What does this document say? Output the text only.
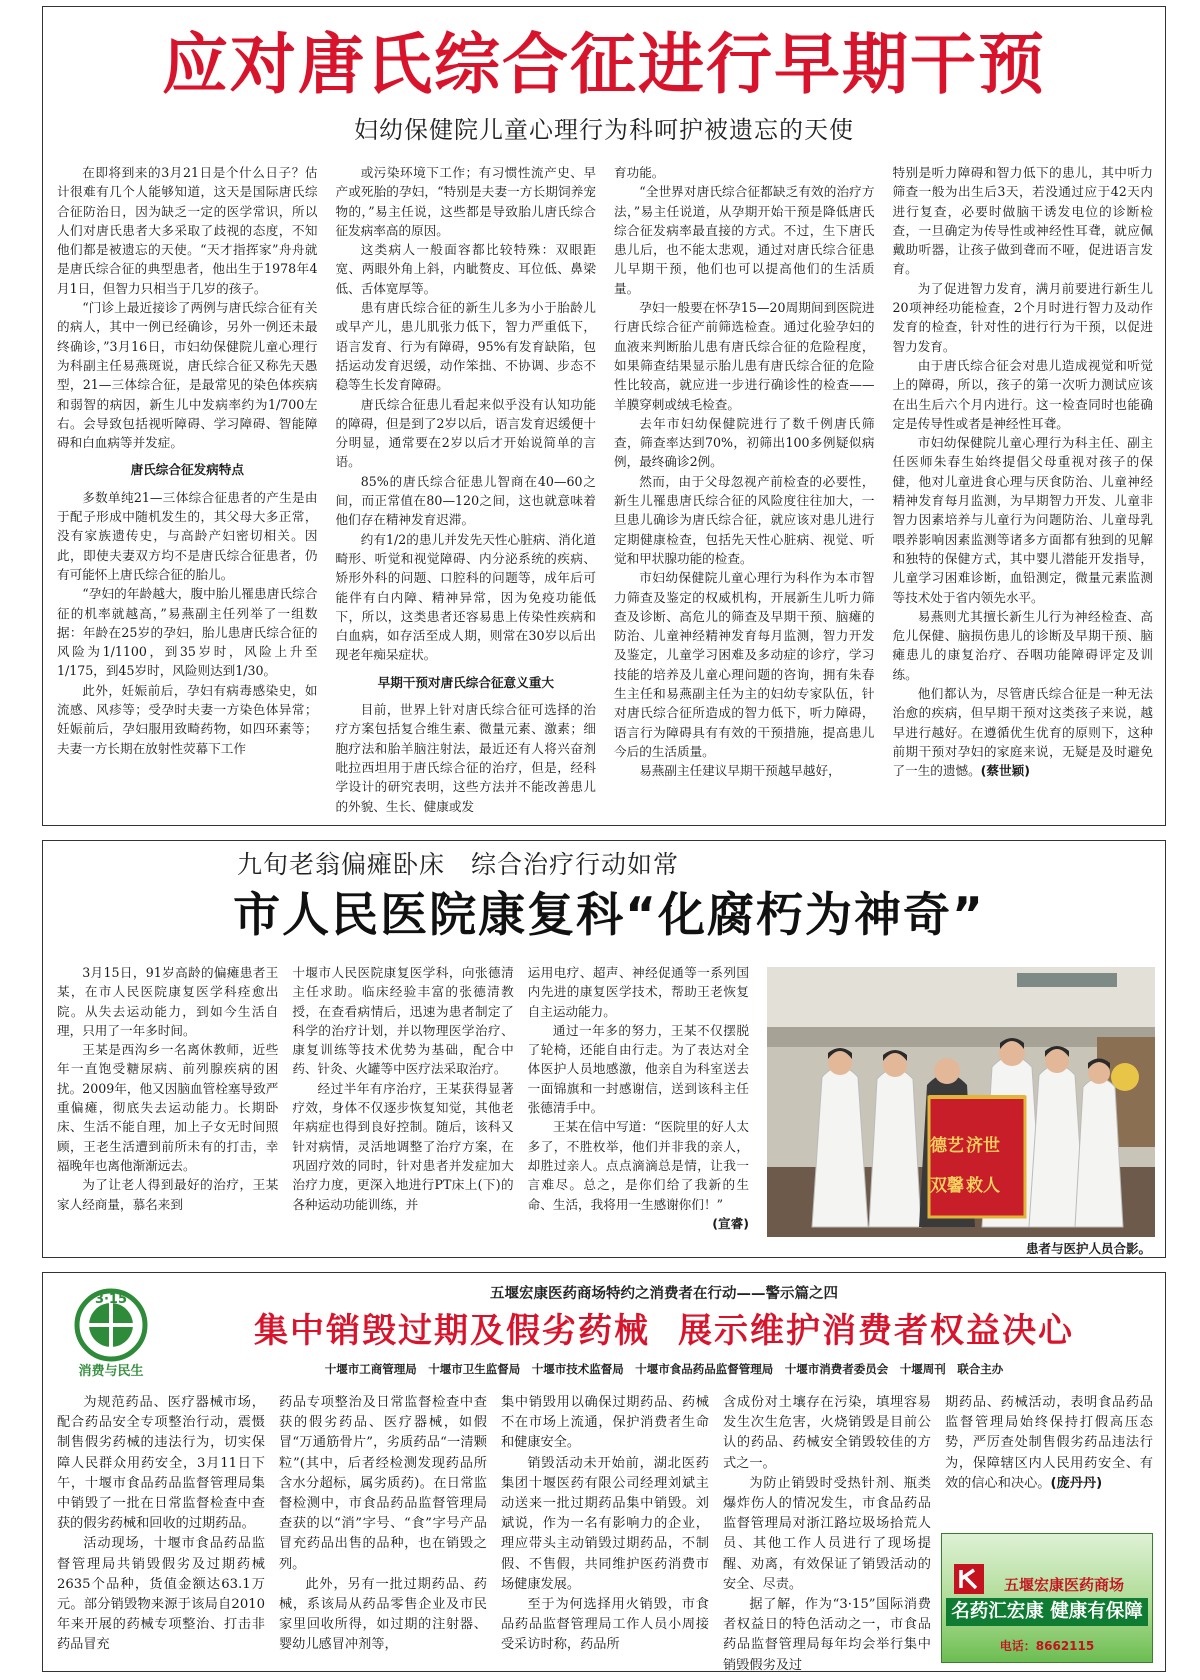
应对唐氏综合征进行早期干预
妇幼保健院儿童心理行为科呵护被遗忘的天使

在即将到来的3月21日是个什么日子？估计很难有几个人能够知道，这天是国际唐氏综合征防治日，因为缺乏一定的医学常识，所以人们对唐氏患者大多采取了歧视的态度，不知他们都是被遗忘的天使。“天才指挥家”舟舟就是唐氏综合征的典型患者，他出生于1978年4月1日，但智力只相当于几岁的孩子。

“门诊上最近接诊了两例与唐氏综合征有关的病人，其中一例已经确诊，另外一例还未最终确诊，”3月16日，市妇幼保健院儿童心理行为科副主任易燕斑说，唐氏综合征又称先天愚型，21—三体综合征，是最常见的染色体疾病和弱智的病因，新生儿中发病率约为1/700左右。会导致包括视听障碍、学习障碍、智能障碍和白血病等并发症。

唐氏综合征发病特点

多数单纯21—三体综合征患者的产生是由于配子形成中随机发生的，其父母大多正常，没有家族遗传史，与高龄产妇密切相关。因此，即使夫妻双方均不是唐氏综合征患者，仍有可能怀上唐氏综合征的胎儿。

“孕妇的年龄越大，腹中胎儿罹患唐氏综合征的机率就越高，”易燕副主任列举了一组数据：年龄在25岁的孕妇，胎儿患唐氏综合征的风险为1/1100，到35岁时，风险上升至1/175，到45岁时，风险则达到1/30。

此外，妊娠前后，孕妇有病毒感染史，如流感、风疹等；受孕时夫妻一方染色体异常；妊娠前后，孕妇服用致畸药物，如四环素等；夫妻一方长期在放射性荧幕下工作

或污染环境下工作；有习惯性流产史、早产或死胎的孕妇，“特别是夫妻一方长期饲养宠物的，”易主任说，这些都是导致胎儿唐氏综合征发病率高的原因。

这类病人一般面容都比较特殊：双眼距宽、两眼外角上斜，内眦赘皮、耳位低、鼻梁低、舌体宽厚等。

患有唐氏综合征的新生儿多为小于胎龄儿或早产儿，患儿肌张力低下，智力严重低下，语言发育、行为有障碍，95%有发育缺陷，包括运动发育迟缓，动作笨拙、不协调、步态不稳等生长发育障碍。

唐氏综合征患儿看起来似乎没有认知功能的障碍，但是到了2岁以后，语言发育迟缓便十分明显，通常要在2岁以后才开始说简单的言语。

85%的唐氏综合征患儿智商在40—60之间，而正常值在80—120之间，这也就意味着他们存在精神发育迟滞。

约有1/2的患儿并发先天性心脏病、消化道畸形、听觉和视觉障碍、内分泌系统的疾病、矫形外科的问题、口腔科的问题等，成年后可能伴有白内障、精神异常，因为免疫功能低下，所以，这类患者还容易患上传染性疾病和白血病，如存活至成人期，则常在30岁以后出现老年痴呆症状。

早期干预对唐氏综合征意义重大

目前，世界上针对唐氏综合征可选择的治疗方案包括复合维生素、微量元素、激素；细胞疗法和胎羊脑注射法，最近还有人将兴奋剂吡拉西坦用于唐氏综合征的治疗，但是，经科学设计的研究表明，这些方法并不能改善患儿的外貌、生长、健康或发

育功能。

“全世界对唐氏综合征都缺乏有效的治疗方法，”易主任说道，从孕期开始干预是降低唐氏综合征发病率最直接的方式。不过，生下唐氏患儿后，也不能太悲观，通过对唐氏综合征患儿早期干预，他们也可以提高他们的生活质量。

孕妇一般要在怀孕15—20周期间到医院进行唐氏综合征产前筛选检查。通过化验孕妇的血液来判断胎儿患有唐氏综合征的危险程度，如果筛查结果显示胎儿患有唐氏综合征的危险性比较高，就应进一步进行确诊性的检查——羊膜穿刺或绒毛检查。

去年市妇幼保健院进行了数千例唐氏筛查，筛查率达到70%，初筛出100多例疑似病例，最终确诊2例。

然而，由于父母忽视产前检查的必要性，新生儿罹患唐氏综合征的风险度往往加大，一旦患儿确诊为唐氏综合征，就应该对患儿进行定期健康检查，包括先天性心脏病、视觉、听觉和甲状腺功能的检查。

市妇幼保健院儿童心理行为科作为本市智力筛查及鉴定的权威机构，开展新生儿听力筛查及诊断、高危儿的筛查及早期干预、脑瘫的防治、儿童神经精神发育每月监测，智力开发及鉴定，儿童学习困难及多动症的诊疗，学习技能的培养及儿童心理问题的咨询，拥有朱春生主任和易燕副主任为主的妇幼专家队伍，针对唐氏综合征所造成的智力低下，听力障碍，语言行为障碍具有有效的干预措施，提高患儿今后的生活质量。

易燕副主任建议早期干预越早越好，

特别是听力障碍和智力低下的患儿，其中听力筛查一般为出生后3天，若没通过应于42天内进行复查，必要时做脑干诱发电位的诊断检查，一旦确定为传导性或神经性耳聋，就应佩戴助听器，让孩子做到聋而不哑，促进语言发育。

为了促进智力发育，满月前要进行新生儿20项神经功能检查，2个月时进行智力及动作发育的检查，针对性的进行行为干预，以促进智力发育。

由于唐氏综合征会对患儿造成视觉和听觉上的障碍，所以，孩子的第一次听力测试应该在出生后六个月内进行。这一检查同时也能确定是传导性或者是神经性耳聋。

市妇幼保健院儿童心理行为科主任、副主任医师朱春生始终提倡父母重视对孩子的保健，他对儿童进食心理与厌食防治、儿童神经精神发育每月监测，为早期智力开发、儿童非智力因素培养与儿童行为问题防治、儿童母乳喂养影响因素监测等诸多方面都有独到的见解和独特的保健方式，其中婴儿潜能开发指导，儿童学习困难诊断，血铅测定，微量元素监测等技术处于省内领先水平。

易燕则尤其擅长新生儿行为神经检查、高危儿保健、脑损伤患儿的诊断及早期干预、脑瘫患儿的康复治疗、吞咽功能障碍评定及训练。

他们都认为，尽管唐氏综合征是一种无法治愈的疾病，但早期干预对这类孩子来说，越早进行越好。在遵循优生优育的原则下，这种前期干预对孕妇的家庭来说，无疑是及时避免了一生的遗憾。(蔡世颖)

九旬老翁偏瘫卧床　综合治疗行动如常
市人民医院康复科“化腐朽为神奇”

3月15日，91岁高龄的偏瘫患者王某，在市人民医院康复医学科痊愈出院。从失去运动能力，到如今生活自理，只用了一年多时间。

王某是西沟乡一名离休教师，近些年一直饱受糖尿病、前列腺疾病的困扰。2009年，他又因脑血管栓塞导致严重偏瘫，彻底失去运动能力。长期卧床、生活不能自理，加上子女无时间照顾，王老生活遭到前所未有的打击，幸福晚年也离他渐渐远去。

为了让老人得到最好的治疗，王某家人经商量，慕名来到

十堰市人民医院康复医学科，向张德清主任求助。临床经验丰富的张德清教授，在查看病情后，迅速为患者制定了科学的治疗计划，并以物理医学治疗、康复训练等技术优势为基础，配合中药、针灸、火罐等中医疗法采取治疗。

经过半年有序治疗，王某获得显著疗效，身体不仅逐步恢复知觉，其他老年病症也得到良好控制。随后，该科又针对病情，灵活地调整了治疗方案，在巩固疗效的同时，针对患者并发症加大治疗力度，更深入地进行PT床上(下)的各种运动功能训练，并

运用电疗、超声、神经促通等一系列国内先进的康复医学技术，帮助王老恢复自主运动能力。

通过一年多的努力，王某不仅摆脱了轮椅，还能自由行走。为了表达对全体医护人员地感激，他亲自为科室送去一面锦旗和一封感谢信，送到该科主任张德清手中。

王某在信中写道：“医院里的好人太多了，不胜枚举，他们并非我的亲人，却胜过亲人。点点滴滴总是情，让我一言难尽。总之，是你们给了我新的生命、生活，我将用一生感谢你们！”

(宣睿)

德艺 济世
双馨 救人
患者与医护人员合影。
3·15
消费与民生
五堰宏康医药商场特约之消费者在行动——警示篇之四
集中销毁过期及假劣药械 展示维护消费者权益决心
十堰市工商管理局　十堰市卫生监督局　十堰市技术监督局　十堰市食品药品监督管理局　十堰市消费者委员会　十堰周刊　联合主办

为规范药品、医疗器械市场，配合药品安全专项整治行动，震慑制售假劣药械的违法行为，切实保障人民群众用药安全，3月11日下午，十堰市食品药品监督管理局集中销毁了一批在日常监督检查中查获的假劣药械和回收的过期药品。

活动现场，十堰市食品药品监督管理局共销毁假劣及过期药械2635个品种，货值金额达63.1万元。部分销毁物来源于该局自2010年来开展的药械专项整治、打击非药品冒充

药品专项整治及日常监督检查中查获的假劣药品、医疗器械，如假冒“万通筋骨片”，劣质药品“一清颗粒”(其中，后者经检测发现药品所含水分超标，属劣质药)。在日常监督检测中，市食品药品监督管理局查获的以“消”字号、“食”字号产品冒充药品出售的品种，也在销毁之列。

此外，另有一批过期药品、药械，系该局从药品零售企业及市民家里回收所得，如过期的注射器、婴幼儿感冒冲剂等，

集中销毁用以确保过期药品、药械不在市场上流通，保护消费者生命和健康安全。

销毁活动未开始前，湖北医药集团十堰医药有限公司经理刘斌主动送来一批过期药品集中销毁。刘斌说，作为一名有影响力的企业，理应带头主动销毁过期药品，不制假、不售假，共同维护医药消费市场健康发展。

至于为何选择用火销毁，市食品药品监督管理局工作人员小周接受采访时称，药品所

含成份对土壤存在污染，填埋容易发生次生危害，火烧销毁是目前公认的药品、药械安全销毁较佳的方式之一。

为防止销毁时受热针剂、瓶类爆炸伤人的情况发生，市食品药品监督管理局对浙江路垃圾场拾荒人员、其他工作人员进行了现场提醒、劝离，有效保证了销毁活动的安全、尽责。

据了解，作为“3·15”国际消费者权益日的特色活动之一，市食品药品监督管理局每年均会举行集中销毁假劣及过

期药品、药械活动，表明食品药品监督管理局始终保持打假高压态势，严厉查处制售假劣药品违法行为，保障辖区内人民用药安全、有效的信心和决心。(庞丹丹)

五堰宏康医药商场
名药汇宏康 健康有保障
电话：8662115
